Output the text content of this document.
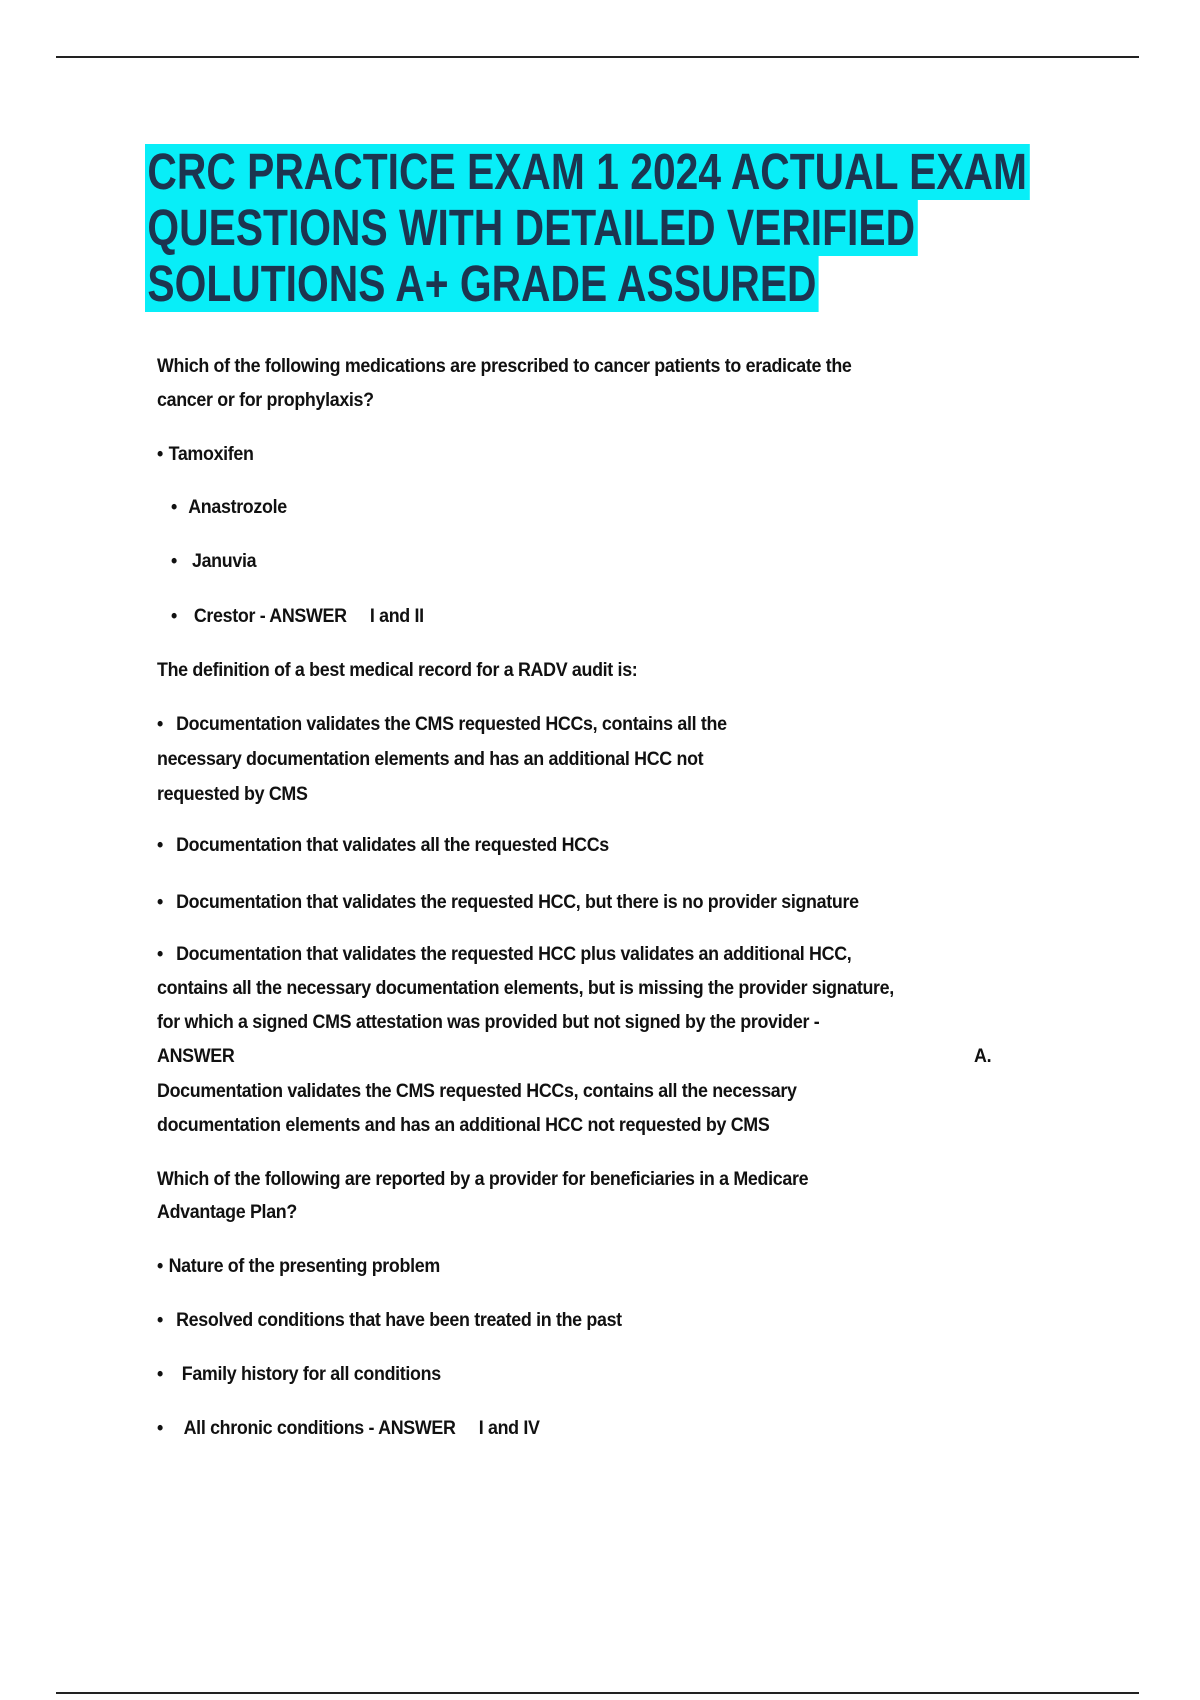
CRC PRACTICE EXAM 1 2024 ACTUAL EXAM
QUESTIONS WITH DETAILED VERIFIED
SOLUTIONS A+ GRADE ASSURED
Which of the following medications are prescribed to cancer patients to eradicate the
cancer or for prophylaxis?
• Tamoxifen
• Anastrozole
• Januvia
• Crestor - ANSWER     I and II
The definition of a best medical record for a RADV audit is:
• Documentation validates the CMS requested HCCs, contains all the
necessary documentation elements and has an additional HCC not
requested by CMS
• Documentation that validates all the requested HCCs
• Documentation that validates the requested HCC, but there is no provider signature
• Documentation that validates the requested HCC plus validates an additional HCC,
contains all the necessary documentation elements, but is missing the provider signature,
for which a signed CMS attestation was provided but not signed by the provider -
ANSWER	A.
Documentation validates the CMS requested HCCs, contains all the necessary
documentation elements and has an additional HCC not requested by CMS
Which of the following are reported by a provider for beneficiaries in a Medicare
Advantage Plan?
• Nature of the presenting problem
• Resolved conditions that have been treated in the past
• Family history for all conditions
• All chronic conditions - ANSWER     I and IV
